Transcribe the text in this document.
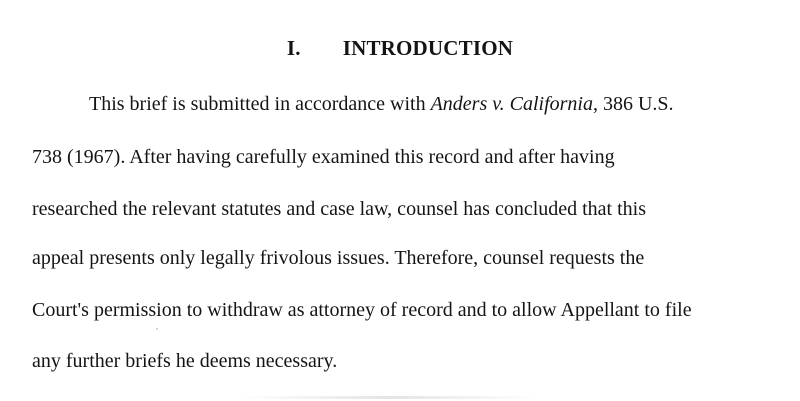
I. INTRODUCTION
This brief is submitted in accordance with Anders v. California, 386 U.S.
738 (1967). After having carefully examined this record and after having
researched the relevant statutes and case law, counsel has concluded that this
appeal presents only legally frivolous issues. Therefore, counsel requests the
Court's permission to withdraw as attorney of record and to allow Appellant to file
any further briefs he deems necessary.
